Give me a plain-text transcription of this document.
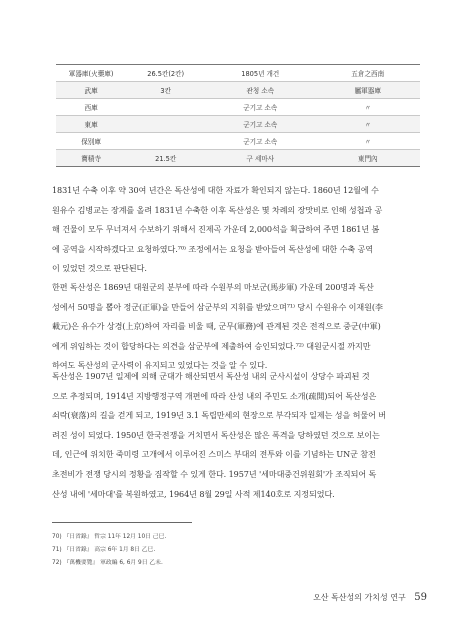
軍器庫(火藥庫)	26.5칸(2칸)	1805년 개건	五倉之西南
武庫	3칸	관청 소속	屬軍器庫
西庫		군기고 소속	〃
東庫		군기고 소속	〃
保別庫		군기고 소속	〃
寶積寺	21.5칸	구 세마사	東門內
1831년 수축 이후 약 30여 년간은 독산성에 대한 자료가 확인되지 않는다. 1860년 12월에 수
원유수 김병교는 장계를 올려 1831년 수축한 이후 독산성은 몇 차례의 장맛비로 인해 성첩과 공
해 건물이 모두 무너져서 수보하기 위해서 진제곡 가운데 2,000석을 획급하여 주면 1861년 봄
에 공역을 시작하겠다고 요청하였다.⁷⁰⁾ 조정에서는 요청을 받아들여 독산성에 대한 수축 공역
이 있었던 것으로 판단된다.
한편 독산성은 1869년 대원군의 분부에 따라 수원부의 마보군(馬步軍) 가운데 200명과 독산
성에서 50명을 뽑아 정군(正軍)을 만들어 삼군부의 지휘를 받았으며⁷¹⁾ 당시 수원유수 이재원(李
載元)은 유수가 상경(上京)하여 자리를 비울 때, 군무(軍務)에 관계된 것은 전적으로 중군(中軍)
에게 위임하는 것이 합당하다는 의견을 삼군부에 제출하여 승인되었다.⁷²⁾ 대원군시절 까지만
하여도 독산성의 군사력이 유지되고 있었다는 것을 알 수 있다.
독산성은 1907년 일제에 의해 군대가 해산되면서 독산성 내의 군사시설이 상당수 파괴된 것
으로 추정되며, 1914년 지방행정구역 개편에 따라 산성 내의 주민도 소개(疏開)되어 독산성은
쇠락(衰落)의 길을 걷게 되고, 1919년 3.1 독립만세의 현장으로 부각되자 일제는 성을 허물어 버
려진 성이 되었다. 1950년 한국전쟁을 거치면서 독산성은 많은 폭격을 당하였던 것으로 보이는
데, 인근에 위치한 죽미령 고개에서 이루어진 스미스 부대의 전투와 이를 기념하는 UN군 참전
초전비가 전쟁 당시의 정황을 짐작할 수 있게 한다. 1957년 '세마대중건위원회'가 조직되어 독
산성 내에 '세마대'를 복원하였고, 1964년 8월 29일 사적 제140호로 지정되었다.
70) 『日省錄』 哲宗 11年 12月 10日 己巳.
71) 『日省錄』 高宗 6年 1月 8日 乙巳.
72) 『萬機要覽』 軍政編 6, 6月 9日 乙未.
오산 독산성의 가치성 연구 59
